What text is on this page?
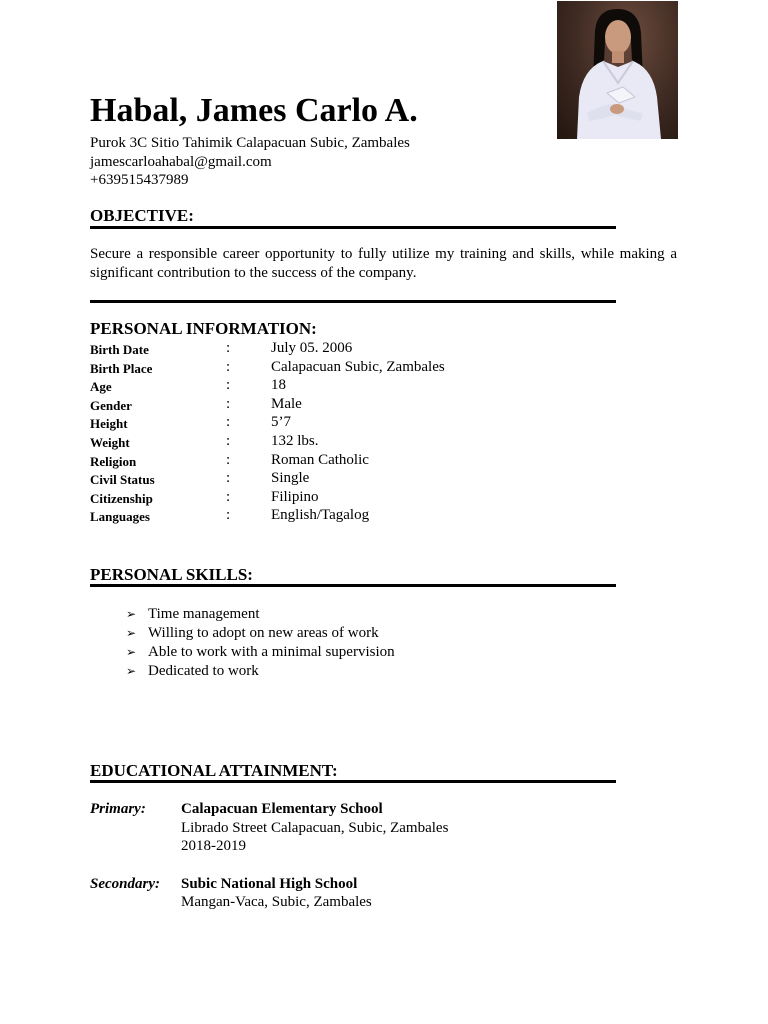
Habal, James Carlo A.
Purok 3C Sitio Tahimik Calapacuan Subic, Zambales
jamescarloahabal@gmail.com
+639515437989
OBJECTIVE:
Secure a responsible career opportunity to fully utilize my training and skills, while making a significant contribution to the success of the company.
PERSONAL INFORMATION:
Birth Date	:	July 05. 2006
Birth Place	:	Calapacuan Subic, Zambales
Age	:	18
Gender	:	Male
Height	:	5’7
Weight	:	132 lbs.
Religion	:	Roman Catholic
Civil Status	:	Single
Citizenship	:	Filipino
Languages	:	English/Tagalog
PERSONAL SKILLS:
➢ Time management
➢ Willing to adopt on new areas of work
➢ Able to work with a minimal supervision
➢ Dedicated to work
EDUCATIONAL ATTAINMENT:
Primary: Calapacuan Elementary School
Librado Street Calapacuan, Subic, Zambales
2018-2019
Secondary: Subic National High School
Mangan-Vaca, Subic, Zambales
